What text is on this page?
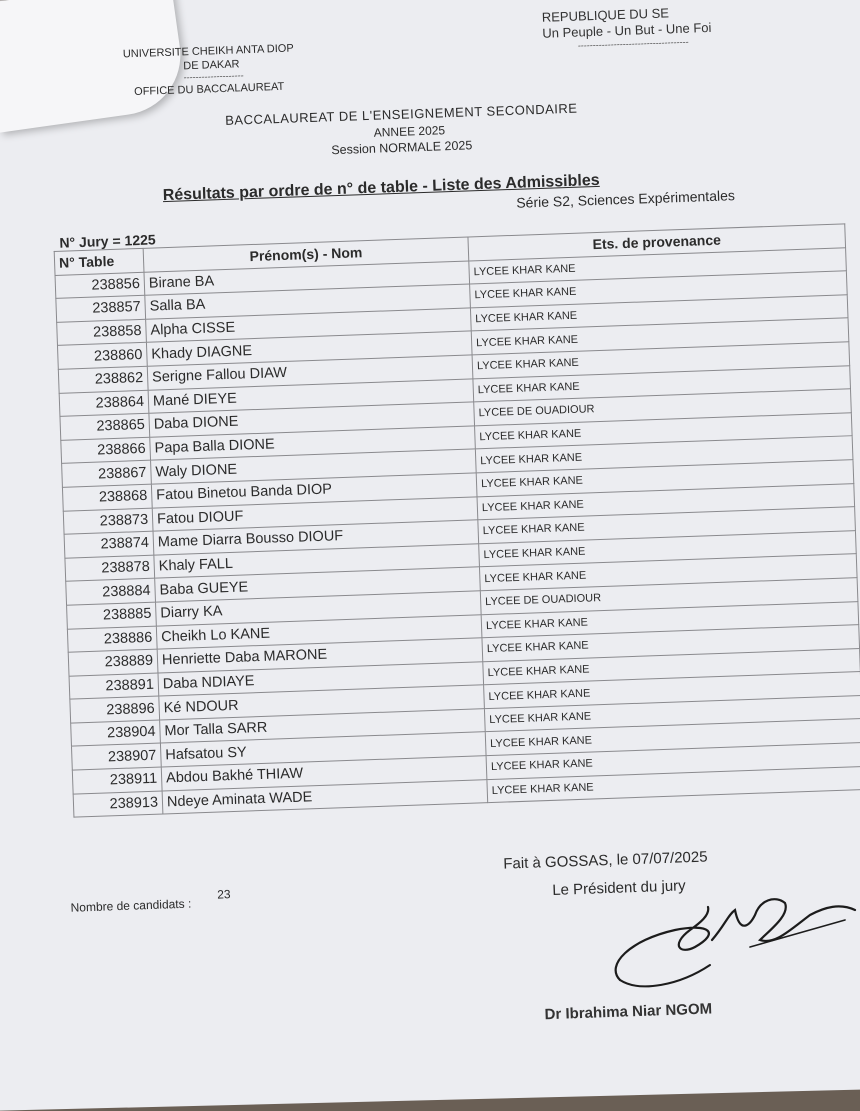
UNIVERSITE CHEIKH ANTA DIOP
DE DAKAR
--------------------
OFFICE DU BACCALAUREAT
REPUBLIQUE DU SE
Un Peuple - Un But - Une Foi
-------------------------------------
BACCALAUREAT DE L'ENSEIGNEMENT SECONDAIRE
ANNEE 2025
Session NORMALE 2025
Résultats par ordre de n° de table - Liste des Admissibles
Série S2, Sciences Expérimentales
N° Jury = 1225
N° Table	Prénom(s) - Nom	Ets. de provenance
238856	Birane BA	LYCEE KHAR KANE
238857	Salla BA	LYCEE KHAR KANE
238858	Alpha CISSE	LYCEE KHAR KANE
238860	Khady DIAGNE	LYCEE KHAR KANE
238862	Serigne Fallou DIAW	LYCEE KHAR KANE
238864	Mané DIEYE	LYCEE KHAR KANE
238865	Daba DIONE	LYCEE DE OUADIOUR
238866	Papa Balla DIONE	LYCEE KHAR KANE
238867	Waly DIONE	LYCEE KHAR KANE
238868	Fatou Binetou Banda DIOP	LYCEE KHAR KANE
238873	Fatou DIOUF	LYCEE KHAR KANE
238874	Mame Diarra Bousso DIOUF	LYCEE KHAR KANE
238878	Khaly FALL	LYCEE KHAR KANE
238884	Baba GUEYE	LYCEE KHAR KANE
238885	Diarry KA	LYCEE DE OUADIOUR
238886	Cheikh Lo KANE	LYCEE KHAR KANE
238889	Henriette Daba MARONE	LYCEE KHAR KANE
238891	Daba NDIAYE	LYCEE KHAR KANE
238896	Ké NDOUR	LYCEE KHAR KANE
238904	Mor Talla SARR	LYCEE KHAR KANE
238907	Hafsatou SY	LYCEE KHAR KANE
238911	Abdou Bakhé THIAW	LYCEE KHAR KANE
238913	Ndeye Aminata WADE	LYCEE KHAR KANE
Nombre de candidats :
23
Fait à GOSSAS, le 07/07/2025
Le Président du jury
Dr Ibrahima Niar NGOM
